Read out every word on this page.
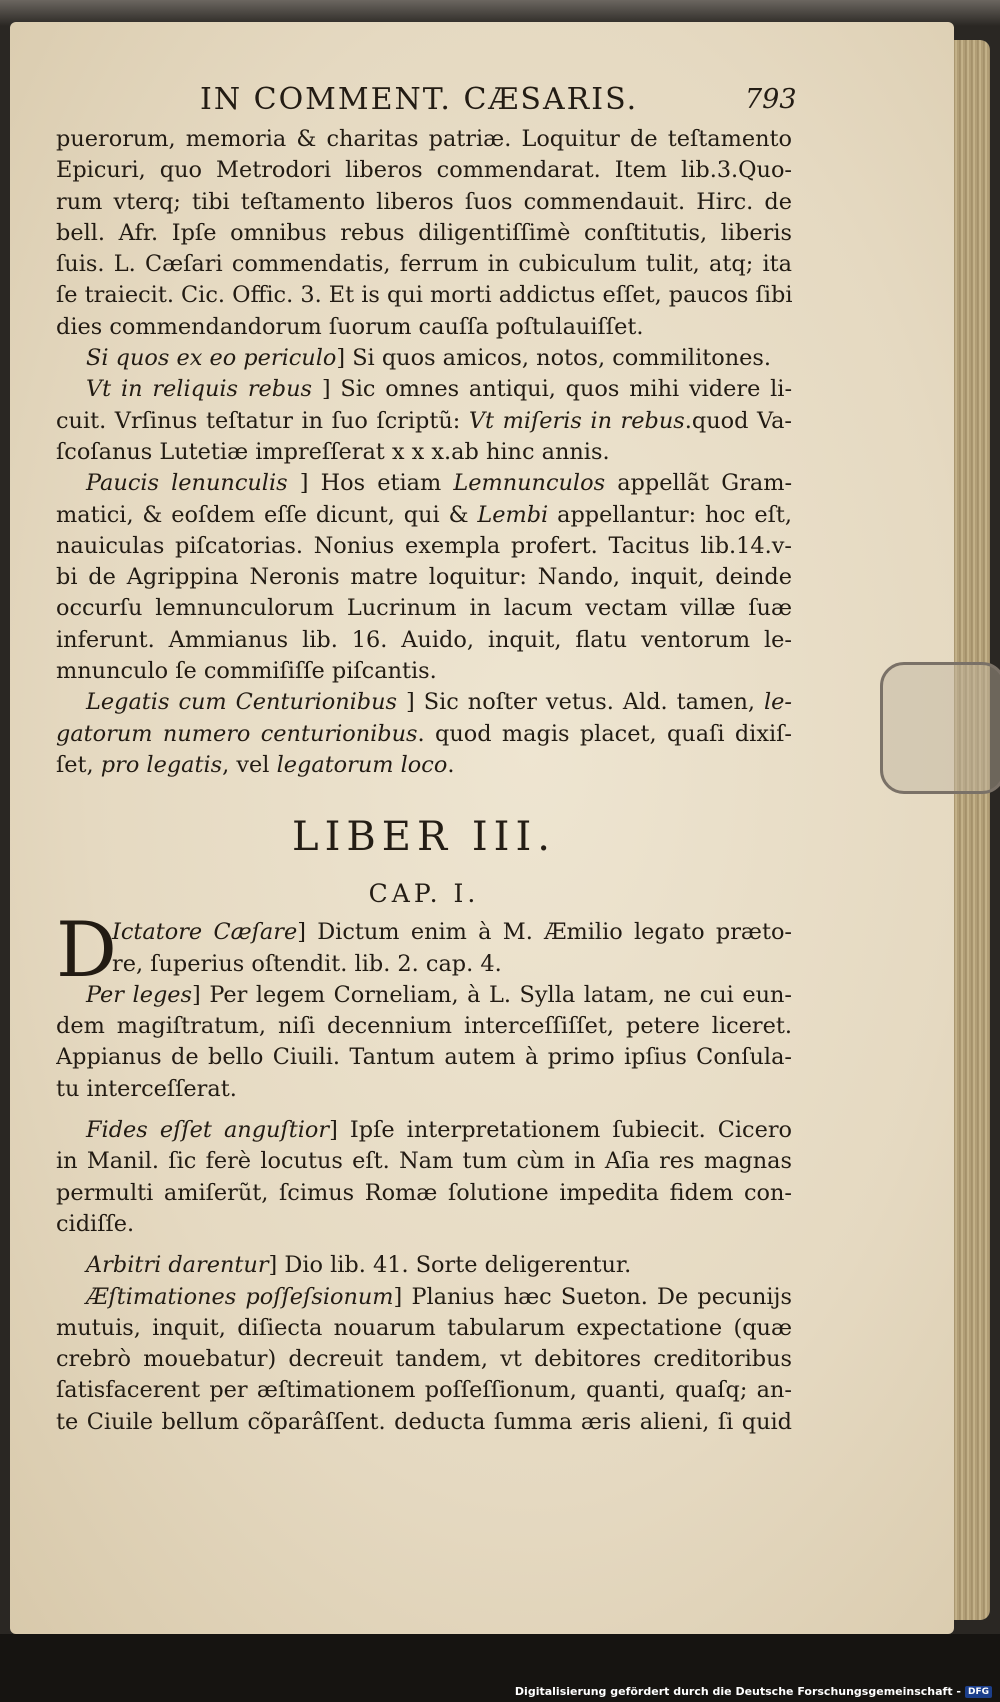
IN COMMENT. CÆSARIS.	793
puerorum, memoria & charitas patriæ. Loquitur de teſtamento
Epicuri, quo Metrodori liberos commendarat. Item lib.3.Quo-
rum vterq; tibi teſtamento liberos ſuos commendauit. Hirc. de
bell. Afr. Ipſe omnibus rebus diligentiſſimè conſtitutis, liberis
ſuis. L. Cæſari commendatis, ferrum in cubiculum tulit, atq; ita
ſe traiecit. Cic. Offic. 3. Et is qui morti addictus eſſet, paucos ſibi
dies commendandorum ſuorum cauſſa poſtulauiſſet.
Si quos ex eo periculo] Si quos amicos, notos, commilitones.
Vt in reliquis rebus ] Sic omnes antiqui, quos mihi videre li-
cuit. Vrſinus teſtatur in ſuo ſcriptũ: Vt miſeris in rebus.quod Va-
ſcoſanus Lutetiæ impreſſerat x x x.ab hinc annis.
Paucis lenunculis ] Hos etiam Lemnunculos appellãt Gram-
matici, & eoſdem eſſe dicunt, qui & Lembi appellantur: hoc eſt,
nauiculas piſcatorias. Nonius exempla profert. Tacitus lib.14.v-
bi de Agrippina Neronis matre loquitur: Nando, inquit, deinde
occurſu lemnunculorum Lucrinum in lacum vectam villæ ſuæ
inferunt. Ammianus lib. 16. Auido, inquit, flatu ventorum le-
mnunculo ſe commiſiſſe piſcantis.
Legatis cum Centurionibus ] Sic noſter vetus. Ald. tamen, le-
gatorum numero centurionibus. quod magis placet, quaſi dixiſ-
ſet, pro legatis, vel legatorum loco.
LIBER III.
CAP. I.
D
Ictatore Cæſare] Dictum enim à M. Æmilio legato præto-
re, ſuperius oſtendit. lib. 2. cap. 4.
Per leges] Per legem Corneliam, à L. Sylla latam, ne cui eun-
dem magiſtratum, niſi decennium interceſſiſſet, petere liceret.
Appianus de bello Ciuili. Tantum autem à primo ipſius Conſula-
tu interceſſerat.
Fides eſſet anguſtior] Ipſe interpretationem ſubiecit. Cicero
in Manil. ſic ferè locutus eſt. Nam tum cùm in Aſia res magnas
permulti amiſerũt, ſcimus Romæ ſolutione impedita fidem con-
cidiſſe.
Arbitri darentur] Dio lib. 41. Sorte deligerentur.
Æſtimationes poſſeſsionum] Planius hæc Sueton. De pecunijs
mutuis, inquit, diſiecta nouarum tabularum expectatione (quæ
crebrò mouebatur) decreuit tandem, vt debitores creditoribus
ſatisfacerent per æſtimationem poſſeſſionum, quanti, quaſq; an-
te Ciuile bellum cõparâſſent. deducta ſumma æris alieni, ſi quid
Digitalisierung gefördert durch die Deutsche Forschungsgemeinschaft - DFG
